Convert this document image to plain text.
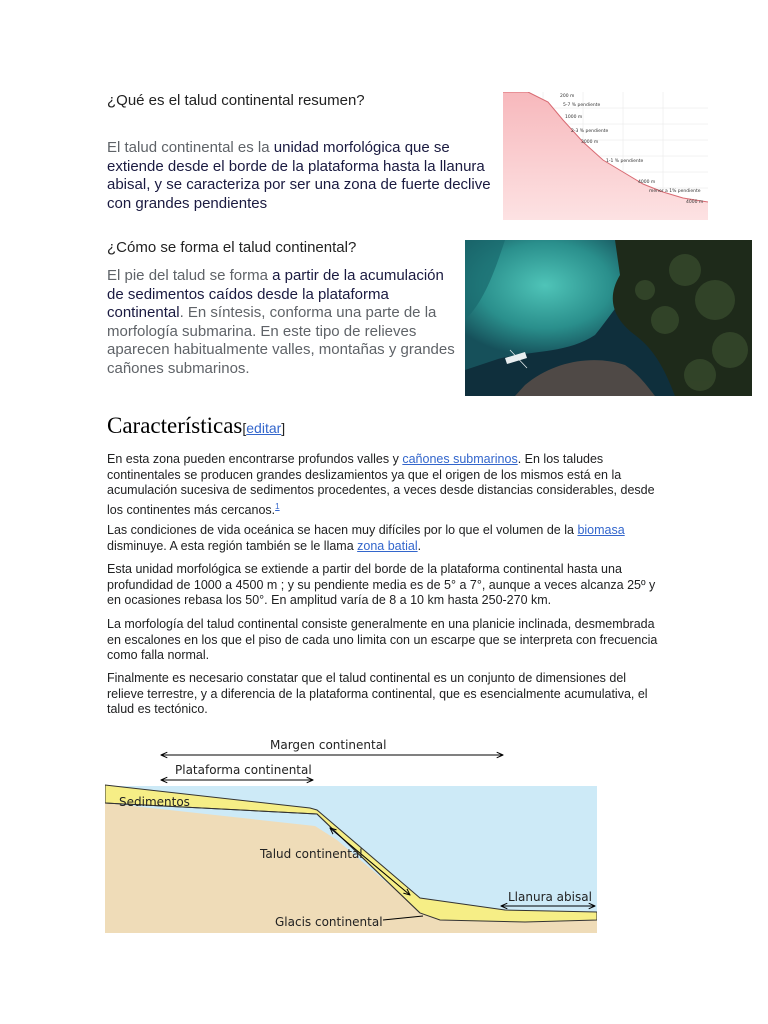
¿Qué es el talud continental resumen?
El talud continental es la unidad morfológica que se extiende desde el borde de la plataforma hasta la llanura abisal, y se caracteriza por ser una zona de fuerte declive con grandes pendientes
200 m
5-7 % pendiente
1000 m
2-3 % pendiente
3000 m
1-1 % pendiente
4000 m
menor a 1% pendiente
4000 m
¿Cómo se forma el talud continental?
El pie del talud se forma a partir de la acumulación de sedimentos caídos desde la plataforma continental. En síntesis, conforma una parte de la morfología submarina. En este tipo de relieves aparecen habitualmente valles, montañas y grandes cañones submarinos.
Características[editar]

En esta zona pueden encontrarse profundos valles y cañones submarinos. En los taludes continentales se producen grandes deslizamientos ya que el origen de los mismos está en la acumulación sucesiva de sedimentos procedentes, a veces desde distancias considerables, desde los continentes más cercanos.$^1$

Las condiciones de vida oceánica se hacen muy difíciles por lo que el volumen de la biomasa disminuye. A esta región también se le llama zona batial.

Esta unidad morfológica se extiende a partir del borde de la plataforma continental hasta una profundidad de 1000 a 4500 m ; y su pendiente media es de 5° a 7°, aunque a veces alcanza 25º y en ocasiones rebasa los 50°. En amplitud varía de 8 a 10 km hasta 250-270 km.

La morfología del talud continental consiste generalmente en una planicie inclinada, desmembrada en escalones en los que el piso de cada uno limita con un escarpe que se interpreta con frecuencia como falla normal.

Finalmente es necesario constatar que el talud continental es un conjunto de dimensiones del relieve terrestre, y a diferencia de la plataforma continental, que es esencialmente acumulativa, el talud es tectónico.

Margen continental
Plataforma continental
Sedimentos
Talud continental
Glacis continental
Llanura abisal
